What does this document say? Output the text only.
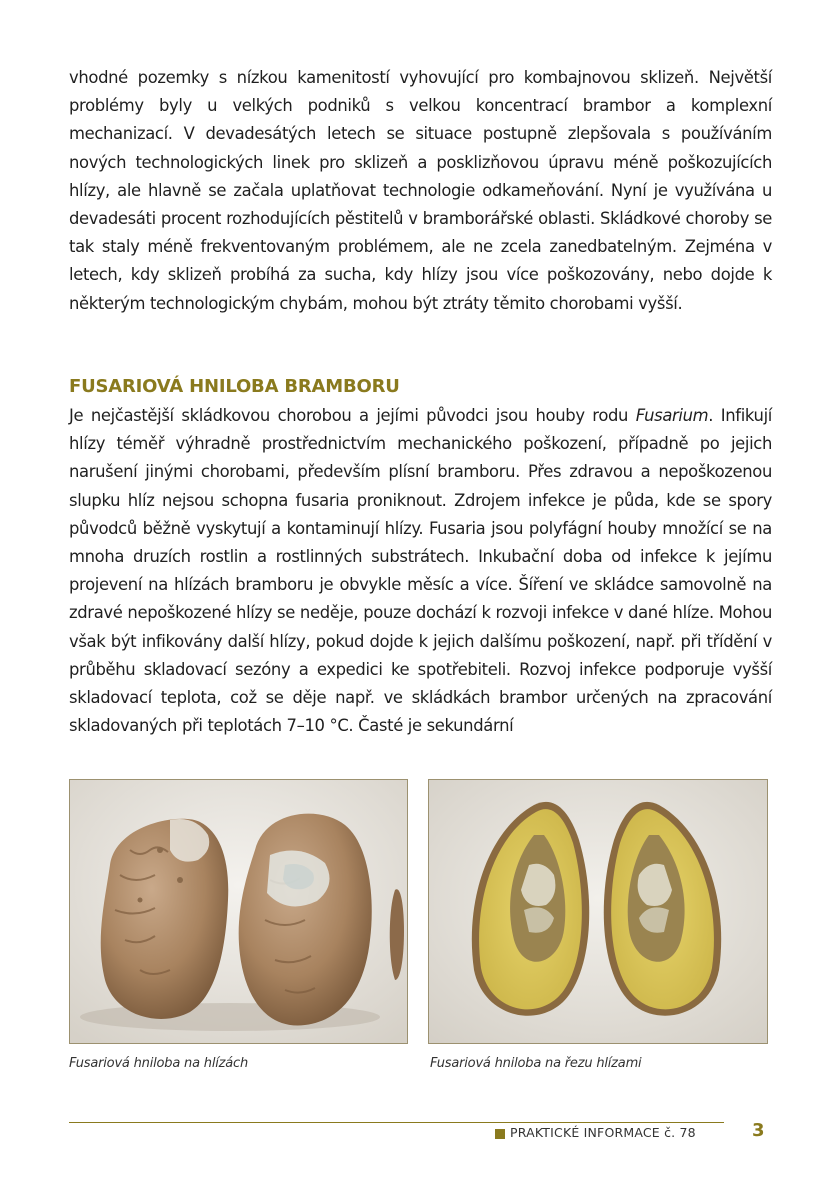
vhodné pozemky s nízkou kamenitostí vyhovující pro kombajnovou sklizeň. Největší problémy byly u velkých podniků s velkou koncentrací brambor a komplexní mechanizací. V devadesátých letech se situace postupně zlepšovala s používáním nových technologických linek pro sklizeň a posklizňovou úpravu méně poškozujících hlízy, ale hlavně se začala uplatňovat technologie odkameňování. Nyní je využívána u devadesáti procent rozhodujících pěstitelů v bramborářské oblasti. Skládkové choroby se tak staly méně frekventovaným problémem, ale ne zcela zanedbatelným. Zejména v letech, kdy sklizeň probíhá za sucha, kdy hlízy jsou více poškozovány, nebo dojde k některým technologickým chybám, mohou být ztráty těmito chorobami vyšší.

FUSARIOVÁ HNILOBA BRAMBORU

Je nejčastější skládkovou chorobou a jejími původci jsou houby rodu Fusarium. Infikují hlízy téměř výhradně prostřednictvím mechanického poškození, případně po jejich narušení jinými chorobami, především plísní bramboru. Přes zdravou a nepoškozenou slupku hlíz nejsou schopna fusaria proniknout. Zdrojem infekce je půda, kde se spory původců běžně vyskytují a kontaminují hlízy. Fusaria jsou polyfágní houby množící se na mnoha druzích rostlin a rostlinných substrátech. Inkubační doba od infekce k jejímu projevení na hlízách bramboru je obvykle měsíc a více. Šíření ve skládce samovolně na zdravé nepoškozené hlízy se neděje, pouze dochází k rozvoji infekce v dané hlíze. Mohou však být infikovány další hlízy, pokud dojde k jejich dalšímu poškození, např. při třídění v průběhu skladovací sezóny a expedici ke spotřebiteli. Rozvoj infekce podporuje vyšší skladovací teplota, což se děje např. ve skládkách brambor určených na zpracování skladovaných při teplotách 7–10 °C. Časté je sekundární

Fusariová hniloba na hlízách	Fusariová hniloba na řezu hlízami

PRAKTICKÉ INFORMACE č. 78	3
